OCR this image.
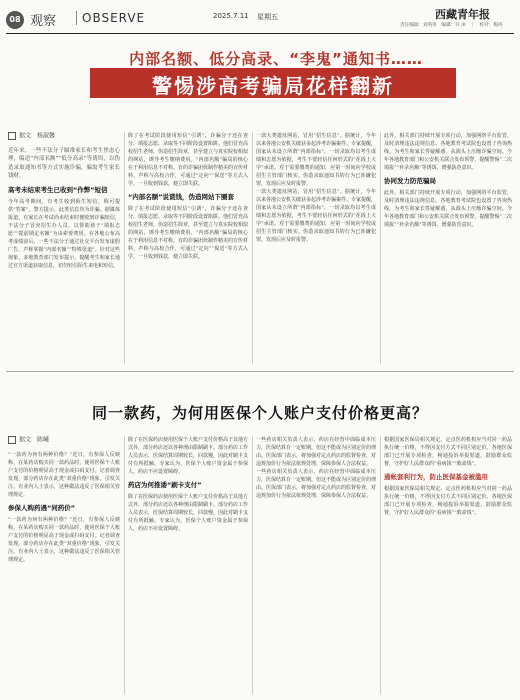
08 观察 OBSERVE	2025.7.11 星期五	西藏青年报
责任编辑：刘英男　编辑：许 沐　｜　校对：梅涛
内部名额、低分高录、“李鬼”通知书……
警惕涉高考骗局花样翻新
据文　杨淑馨
近年来，一些不法分子瞄准家长和考生焦虑心理，编造“内部名额”“低分高录”等诱饵，以伪造录取通知书等方式实施诈骗，骗取考生家长钱财。
高考未结束考生已收到“作弊”短信
今年高考期间，有考生收到陌生短信，称可提供“答案”。警方提示，此类信息均为诈骗。据媒体报道，有家长在考试尚未结束时便收到诈骗短信，不法分子冒充招生办人员，以帮助孩子“填报志愿”“提前锁定名额”为由索要费用。在各地公布高考成绩前后，一些不法分子通过社交平台发布虚假广告，声称掌握“内部名额”“特殊渠道”。针对这些现象，多地教育部门发布提示，提醒考生和家长通过官方渠道获取信息，切勿轻信陌生来电和短信。
除了在考试阶段使用短信“引诱”，诈骗分子还在查分、填报志愿、录取等不同阶段设置陷阱。他们冒充高校招生老师，伪造招生简章，甚至建立与真实院校相似的网站，诱导考生缴纳费用。“内部名额”骗局的核心在于利用信息不对称。有的诈骗团伙制作精美的宣传材料，声称与高校合作，可通过“定向”“保送”等方式入学。一旦收到钱款，便立即失联。
“内部名额”说谎钱，伪造网站下圈套
除了在考试阶段使用短信“引诱”，诈骗分子还在查分、填报志愿、录取等不同阶段设置陷阱。他们冒充高校招生老师，伪造招生简章，甚至建立与真实院校相似的网站，诱导考生缴纳费用。“内部名额”骗局的核心在于利用信息不对称。有的诈骗团伙制作精美的宣传材料，声称与高校合作，可通过“定向”“保送”等方式入学。一旦收到钱款，便立即失联。
一款大类遗址网站，冒用“招生信息”。据统计，今年以来各地公安机关破获多起涉考诈骗案件。专家提醒，国家从未设立所谓“内部指标”，一切录取均以考生成绩和志愿为依据，考生不要轻信任何形式的“花钱上大学”承诺。对于需要缴费的通知，应第一时间向学校或招生主管部门核实。伪造录取通知书的行为已涉嫌犯罪，发现后应及时报警。
一款大类遗址网站，冒用“招生信息”。据统计，今年以来各地公安机关破获多起涉考诈骗案件。专家提醒，国家从未设立所谓“内部指标”，一切录取均以考生成绩和志愿为依据，考生不要轻信任何形式的“花钱上大学”承诺。对于需要缴费的通知，应第一时间向学校或招生主管部门核实。伪造录取通知书的行为已涉嫌犯罪，发现后应及时报警。
此外，相关部门持续开展专项行动，加强网络平台监管，及时清理违法违规信息。各地教育考试院也设置了咨询热线，为考生和家长答疑解惑，从源头上压缩诈骗空间。今年各地教育部门和公安机关联合发布预警，提醒警惕“二次填报”“补录名额”等诱饵，增强防范意识。
协同发力防范骗局
此外，相关部门持续开展专项行动，加强网络平台监管，及时清理违法违规信息。各地教育考试院也设置了咨询热线，为考生和家长答疑解惑，从源头上压缩诈骗空间。今年各地教育部门和公安机关联合发布预警，提醒警惕“二次填报”“补录名额”等诱饵，增强防范意识。
同一款药，为何用医保个人账户支付价格更高？
据文　陈曦
“一款药为何有两种价格？”近日，有参保人反映称，在某药店购买同一款药品时，使用医保个人账户支付的价格明显高于现金或扫码支付。记者调查发现，部分药店存在此类“双重价格”现象，引发关注。有业内人士表示，这种做法违反了医保相关管理规定。
参保人购药遇“同药价”
“一款药为何有两种价格？”近日，有参保人反映称，在某药店购买同一款药品时，使用医保个人账户支付的价格明显高于现金或扫码支付。记者调查发现，部分药店存在此类“双重价格”现象，引发关注。有业内人士表示，这种做法违反了医保相关管理规定。
除了在医保药店使用医保个人账户支付价格高于其他方式外，部分药店还以各种理由限制刷卡。部分药店工作人员表示，医保结算周期较长，回款慢，因此对刷卡支付有所抵触。专家认为，医保个人账户资金属于参保人，药店不应设置障碍。
药店为何推诿“刷卡支付”
除了在医保药店使用医保个人账户支付价格高于其他方式外，部分药店还以各种理由限制刷卡。部分药店工作人员表示，医保结算周期较长，回款慢，因此对刷卡支付有所抵触。专家认为，医保个人账户资金属于参保人，药店不应设置障碍。
一些药店相关负责人表示，药店在经营中面临成本压力，医保结算有一定账期。但这不能成为区别定价的理由。医保部门表示，将加强对定点药店的监督检查，对违规加价行为依法依规处理，保障参保人合法权益。
一些药店相关负责人表示，药店在经营中面临成本压力，医保结算有一定账期。但这不能成为区别定价的理由。医保部门表示，将加强对定点药店的监督检查，对违规加价行为依法依规处理，保障参保人合法权益。
根据国家医保局相关规定，定点医药机构应当对同一药品执行统一价格，不得因支付方式不同区别定价。各地医保部门已开展专项检查，畅通投诉举报渠道，鼓励群众监督，守护好人民群众的“看病钱”“救命钱”。
通帐套利行为，防止医保基金被滥用
根据国家医保局相关规定，定点医药机构应当对同一药品执行统一价格，不得因支付方式不同区别定价。各地医保部门已开展专项检查，畅通投诉举报渠道，鼓励群众监督，守护好人民群众的“看病钱”“救命钱”。
